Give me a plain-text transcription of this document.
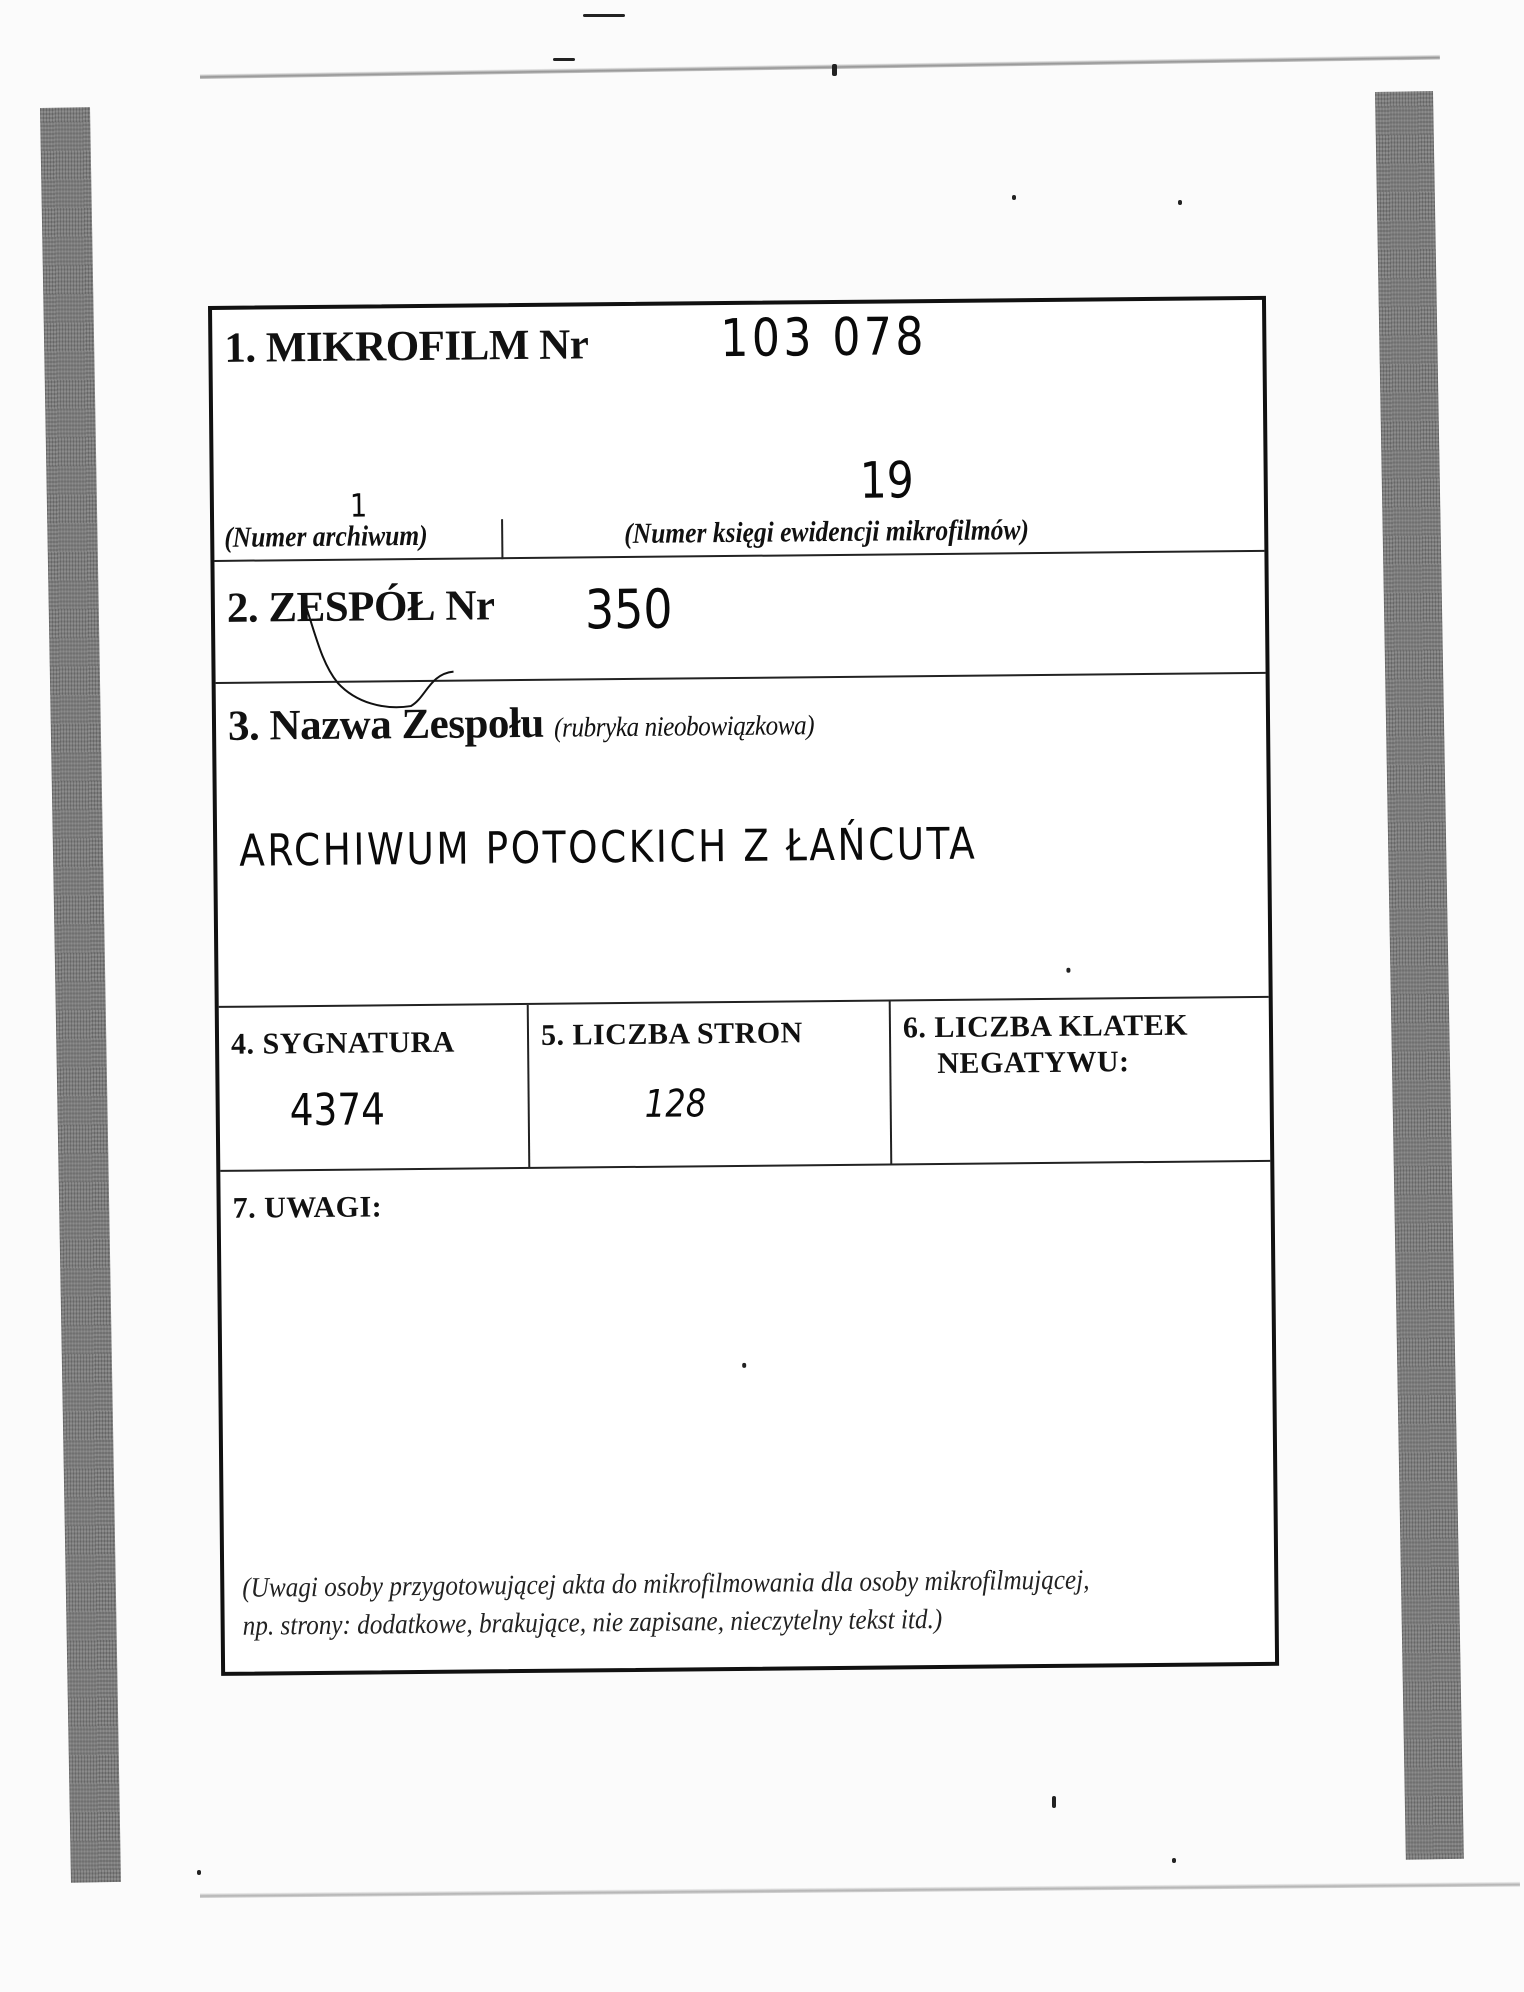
1. MIKROFILM Nr	103 078
1
(Numer archiwum)
19
(Numer księgi ewidencji mikrofilmów)
2. ZESPÓŁ Nr 350
3. Nazwa Zespołu (rubryka nieobowiązkowa)
ARCHIWUM POTOCKICH Z ŁAŃCUTA
4. SYGNATURA
4374
5. LICZBA STRON
128
6. LICZBA KLATEK
NEGATYWU:
7. UWAGI:
(Uwagi osoby przygotowującej akta do mikrofilmowania dla osoby mikrofilmującej,
np. strony: dodatkowe, brakujące, nie zapisane, nieczytelny tekst itd.)
